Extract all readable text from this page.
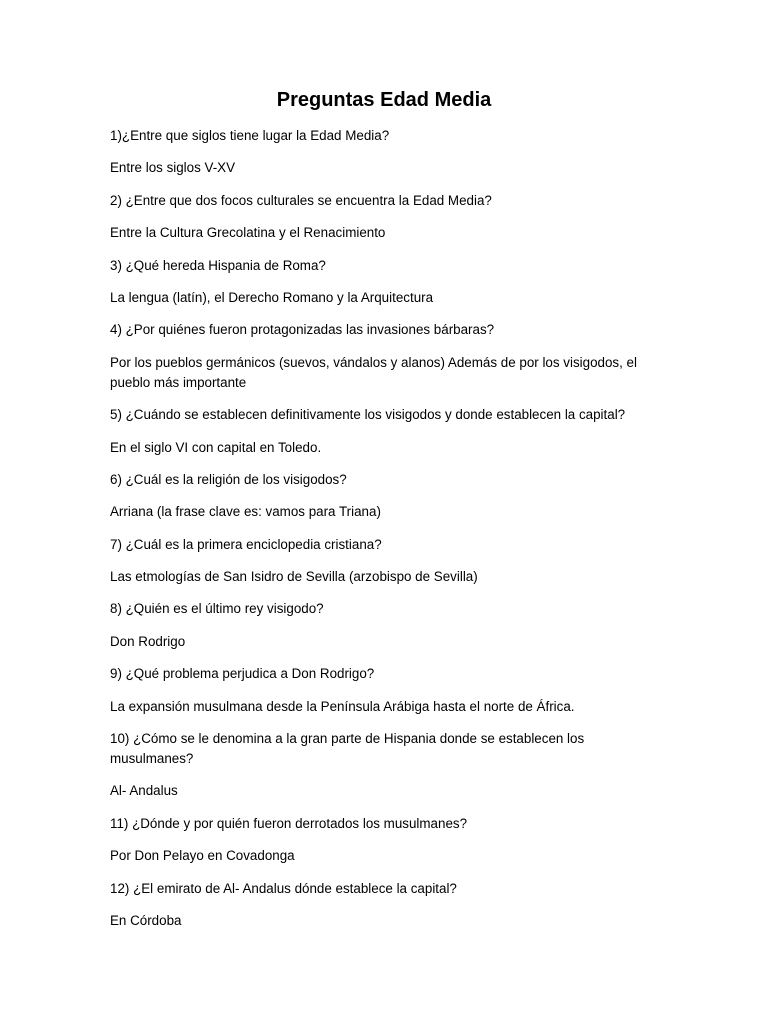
Preguntas Edad Media

1)¿Entre que siglos tiene lugar la Edad Media?

Entre los siglos V-XV

2) ¿Entre que dos focos culturales se encuentra la Edad Media?

Entre la Cultura Grecolatina y el Renacimiento

3) ¿Qué hereda Hispania de Roma?

La lengua (latín), el Derecho Romano y la Arquitectura

4) ¿Por quiénes fueron protagonizadas las invasiones bárbaras?

Por los pueblos germánicos (suevos, vándalos y alanos) Además de por los visigodos, el pueblo más importante

5) ¿Cuándo se establecen definitivamente los visigodos y donde establecen la capital?

En el siglo VI con capital en Toledo.

6) ¿Cuál es la religión de los visigodos?

Arriana (la frase clave es: vamos para Triana)

7) ¿Cuál es la primera enciclopedia cristiana?

Las etmologías de San Isidro de Sevilla (arzobispo de Sevilla)

8) ¿Quién es el último rey visigodo?

Don Rodrigo

9) ¿Qué problema perjudica a Don Rodrigo?

La expansión musulmana desde la Península Arábiga hasta el norte de África.

10) ¿Cómo se le denomina a la gran parte de Hispania donde se establecen los musulmanes?

Al- Andalus

11) ¿Dónde y por quién fueron derrotados los musulmanes?

Por Don Pelayo en Covadonga

12) ¿El emirato de Al- Andalus dónde establece la capital?

En Córdoba
